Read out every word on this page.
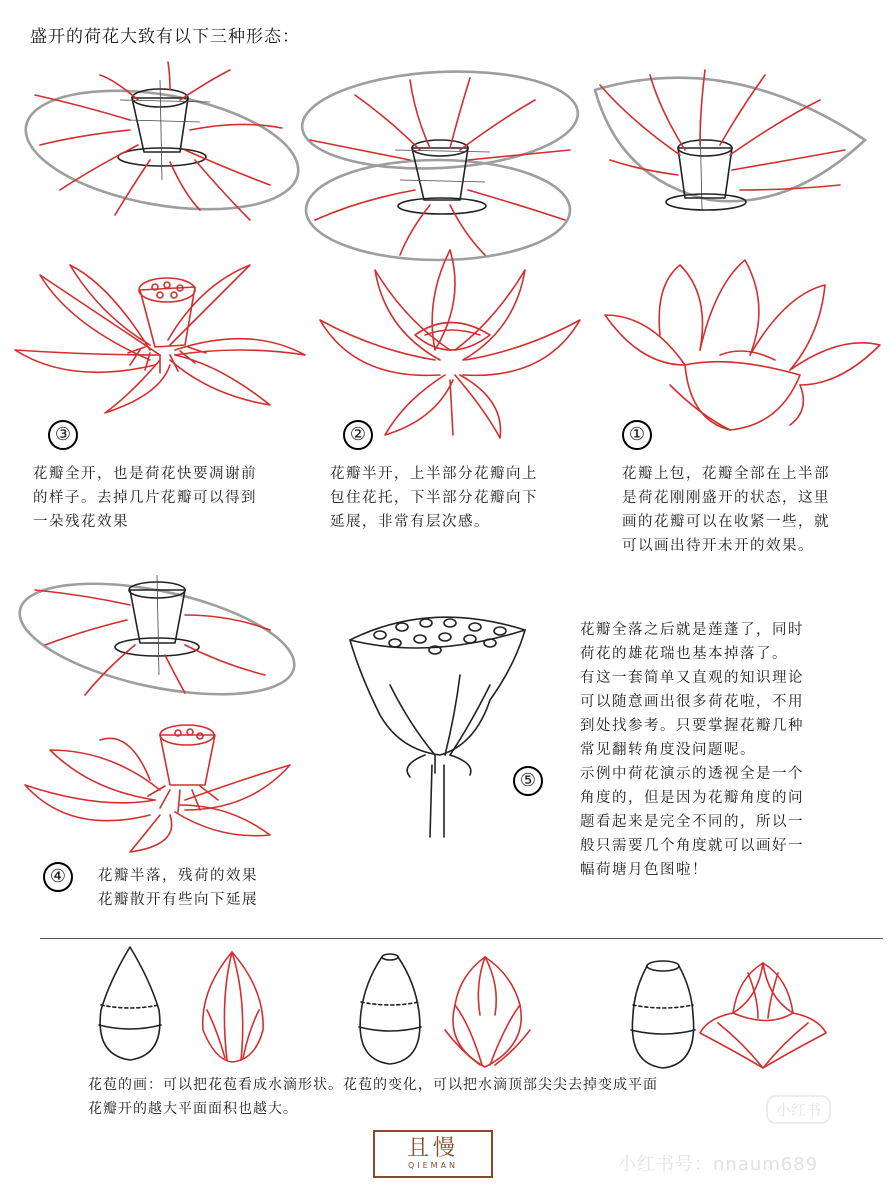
盛开的荷花大致有以下三种形态：
③
花瓣全开，也是荷花快要凋谢前
的样子。去掉几片花瓣可以得到
一朵残花效果
②
花瓣半开，上半部分花瓣向上
包住花托，下半部分花瓣向下
延展，非常有层次感。
①
花瓣上包，花瓣全部在上半部
是荷花刚刚盛开的状态，这里
画的花瓣可以在收紧一些，就
可以画出待开未开的效果。
④	花瓣半落，残荷的效果
花瓣散开有些向下延展
⑤
花瓣全落之后就是莲蓬了，同时
荷花的雄花瑞也基本掉落了。
有这一套简单又直观的知识理论
可以随意画出很多荷花啦，不用
到处找参考。只要掌握花瓣几种
常见翻转角度没问题呢。
示例中荷花演示的透视全是一个
角度的，但是因为花瓣角度的问
题看起来是完全不同的，所以一
般只需要几个角度就可以画好一
幅荷塘月色图啦！
花苞的画：可以把花苞看成水滴形状。花苞的变化，可以把水滴顶部尖尖去掉变成平面
花瓣开的越大平面面积也越大。
且慢
QIEMAN
小红书
小红书号：nnaum689
